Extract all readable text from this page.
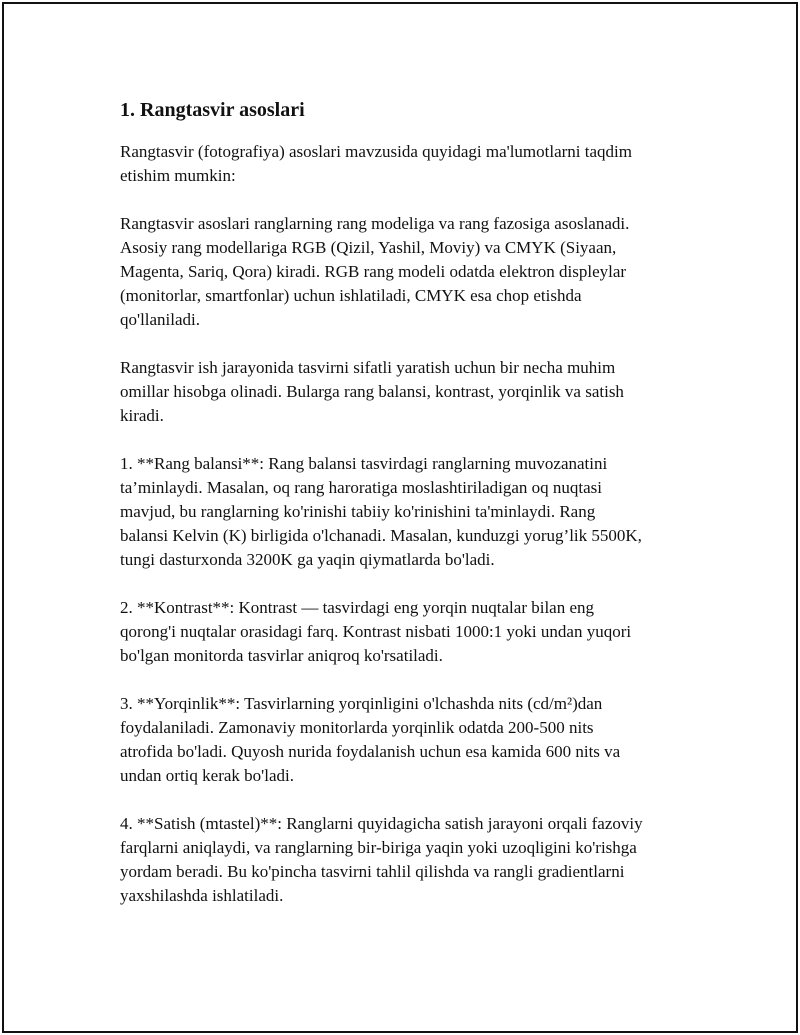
1. Rangtasvir asoslari

Rangtasvir (fotografiya) asoslari mavzusida quyidagi ma'lumotlarni taqdim
etishim mumkin:

Rangtasvir asoslari ranglarning rang modeliga va rang fazosiga asoslanadi.
Asosiy rang modellariga RGB (Qizil, Yashil, Moviy) va CMYK (Siyaan,
Magenta, Sariq, Qora) kiradi. RGB rang modeli odatda elektron displeylar
(monitorlar, smartfonlar) uchun ishlatiladi, CMYK esa chop etishda
qo'llaniladi.

Rangtasvir ish jarayonida tasvirni sifatli yaratish uchun bir necha muhim
omillar hisobga olinadi. Bularga rang balansi, kontrast, yorqinlik va satish
kiradi.

1. **Rang balansi**: Rang balansi tasvirdagi ranglarning muvozanatini
ta’minlaydi. Masalan, oq rang haroratiga moslashtiriladigan oq nuqtasi
mavjud, bu ranglarning ko'rinishi tabiiy ko'rinishini ta'minlaydi. Rang
balansi Kelvin (K) birligida o'lchanadi. Masalan, kunduzgi yorug’lik 5500K,
tungi dasturxonda 3200K ga yaqin qiymatlarda bo'ladi.

2. **Kontrast**: Kontrast — tasvirdagi eng yorqin nuqtalar bilan eng
qorong'i nuqtalar orasidagi farq. Kontrast nisbati 1000:1 yoki undan yuqori
bo'lgan monitorda tasvirlar aniqroq ko'rsatiladi.

3. **Yorqinlik**: Tasvirlarning yorqinligini o'lchashda nits (cd/m²)dan
foydalaniladi. Zamonaviy monitorlarda yorqinlik odatda 200-500 nits
atrofida bo'ladi. Quyosh nurida foydalanish uchun esa kamida 600 nits va
undan ortiq kerak bo'ladi.

4. **Satish (mtastel)**: Ranglarni quyidagicha satish jarayoni orqali fazoviy
farqlarni aniqlaydi, va ranglarning bir-biriga yaqin yoki uzoqligini ko'rishga
yordam beradi. Bu ko'pincha tasvirni tahlil qilishda va rangli gradientlarni
yaxshilashda ishlatiladi.
